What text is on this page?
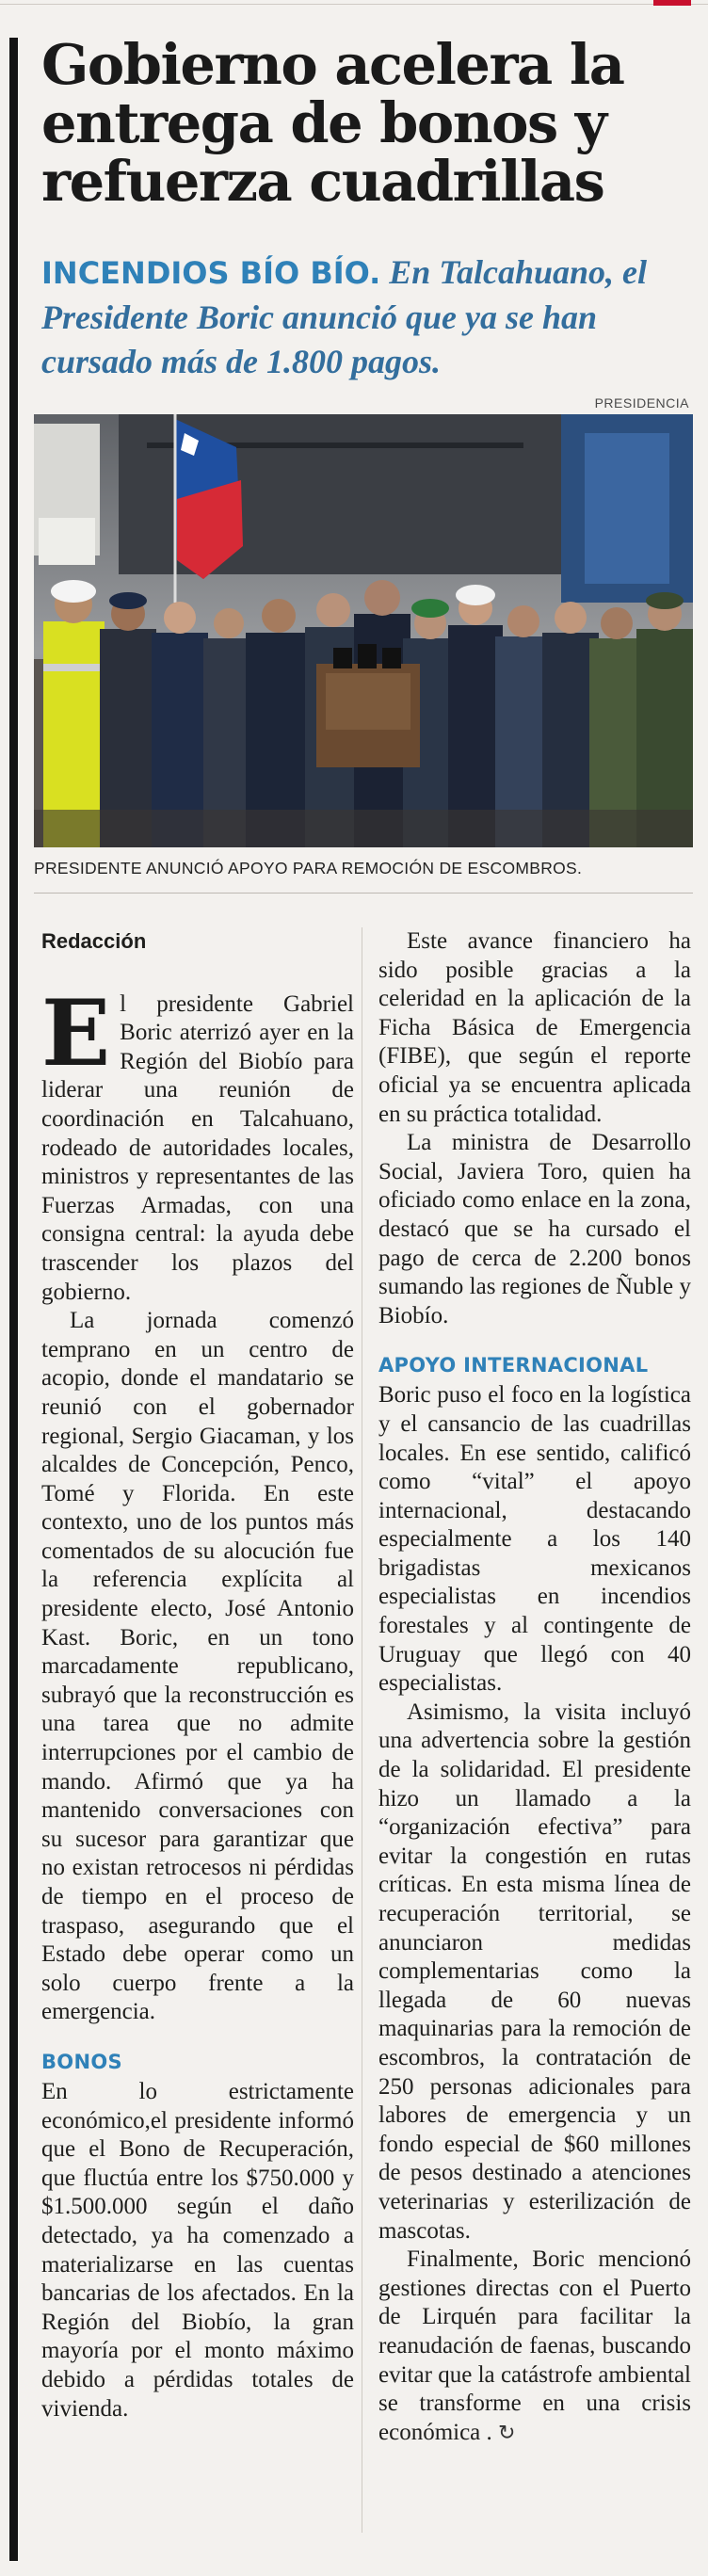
Gobierno acelera la entrega de bonos y refuerza cuadrillas
INCENDIOS BÍO BÍO. En Talcahuano, el Presidente Boric anunció que ya se han cursado más de 1.800 pagos.
PRESIDENCIA
PRESIDENTE ANUNCIÓ APOYO PARA REMOCIÓN DE ESCOMBROS.
Redacción

El presidente Gabriel Boric aterrizó ayer en la Región del Biobío para liderar una reunión de coordinación en Talcahuano, rodeado de autoridades locales, ministros y representantes de las Fuerzas Armadas, con una consigna central: la ayuda debe trascender los plazos del gobierno.

La jornada comenzó temprano en un centro de acopio, donde el mandatario se reunió con el gobernador regional, Sergio Giacaman, y los alcaldes de Concepción, Penco, Tomé y Florida. En este contexto, uno de los puntos más comentados de su alocución fue la referencia explícita al presidente electo, José Antonio Kast. Boric, en un tono marcadamente republicano, subrayó que la reconstrucción es una tarea que no admite interrupciones por el cambio de mando. Afirmó que ya ha mantenido conversaciones con su sucesor para garantizar que no existan retrocesos ni pérdidas de tiempo en el proceso de traspaso, asegurando que el Estado debe operar como un solo cuerpo frente a la emergencia.

BONOS

En lo estrictamente económico,el presidente informó que el Bono de Recuperación, que fluctúa entre los $750.000 y $1.500.000 según el daño detectado, ya ha comenzado a materializarse en las cuentas bancarias de los afectados. En la Región del Biobío, la gran mayoría por el monto máximo debido a pérdidas totales de vivienda.

Este avance financiero ha sido posible gracias a la celeridad en la aplicación de la Ficha Básica de Emergencia (FIBE), que según el reporte oficial ya se encuentra aplicada en su práctica totalidad.

La ministra de Desarrollo Social, Javiera Toro, quien ha oficiado como enlace en la zona, destacó que se ha cursado el pago de cerca de 2.200 bonos sumando las regiones de Ñuble y Biobío.

APOYO INTERNACIONAL

Boric puso el foco en la logística y el cansancio de las cuadrillas locales. En ese sentido, calificó como “vital” el apoyo internacional, destacando especialmente a los 140 brigadistas mexicanos especialistas en incendios forestales y al contingente de Uruguay que llegó con 40 especialistas.

Asimismo, la visita incluyó una advertencia sobre la gestión de la solidaridad. El presidente hizo un llamado a la “organización efectiva” para evitar la congestión en rutas críticas. En esta misma línea de recuperación territorial, se anunciaron medidas complementarias como la llegada de 60 nuevas maquinarias para la remoción de escombros, la contratación de 250 personas adicionales para labores de emergencia y un fondo especial de $60 millones de pesos destinado a atenciones veterinarias y esterilización de mascotas.

Finalmente, Boric mencionó gestiones directas con el Puerto de Lirquén para facilitar la reanudación de faenas, buscando evitar que la catástrofe ambiental se transforme en una crisis económica . ↻
